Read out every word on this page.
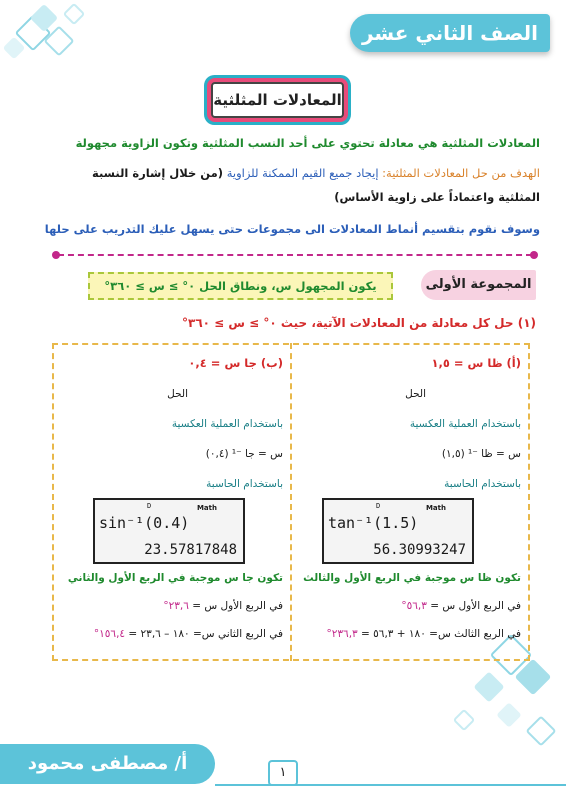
الصف الثاني عشر
المعادلات المثلثية
المعادلات المثلثية هي معادلة تحتوي على أحد النسب المثلثية وتكون الزاوية مجهولة
الهدف من حل المعادلات المثلثية: إيجاد جميع القيم الممكنة للزاوية (من خلال إشارة النسبة
المثلثية واعتماداً على زاوية الأساس)
وسوف نقوم بتقسيم أنماط المعادلات الى مجموعات حتى يسهل عليك التدريب على حلها
المجموعة الأولى
يكون المجهول س، ونطاق الحل ٠° ≥ س ≥ ٣٦٠°
(١) حل كل معادلة من المعادلات الآتية، حيث ٠° ≥ س ≥ ٣٦٠°
(أ) ظا س = ١,٥
الحل
باستخدام العملية العكسية
س = ظا ⁻¹ (١,٥)
باستخدام الحاسبة
تكون ظا س موجبة في الربع الأول والثالث
في الربع الأول س = ٥٦,٣°
في الربع الثالث س= ١٨٠ + ٥٦,٣ = ٢٣٦,٣°
D	Math
tan⁻¹(1.5)
56.30993247
(ب) جا س = ٠,٤
الحل
باستخدام العملية العكسية
س = جا ⁻¹ (٠,٤)
باستخدام الحاسبة
تكون جا س موجبة في الربع الأول والثاني
في الربع الأول س = ٢٣,٦°
في الربع الثاني س= ١٨٠ – ٢٣,٦ = ١٥٦,٤°
D	Math
sin⁻¹(0.4)
23.57817848
أ/ مصطفى محمود	١
